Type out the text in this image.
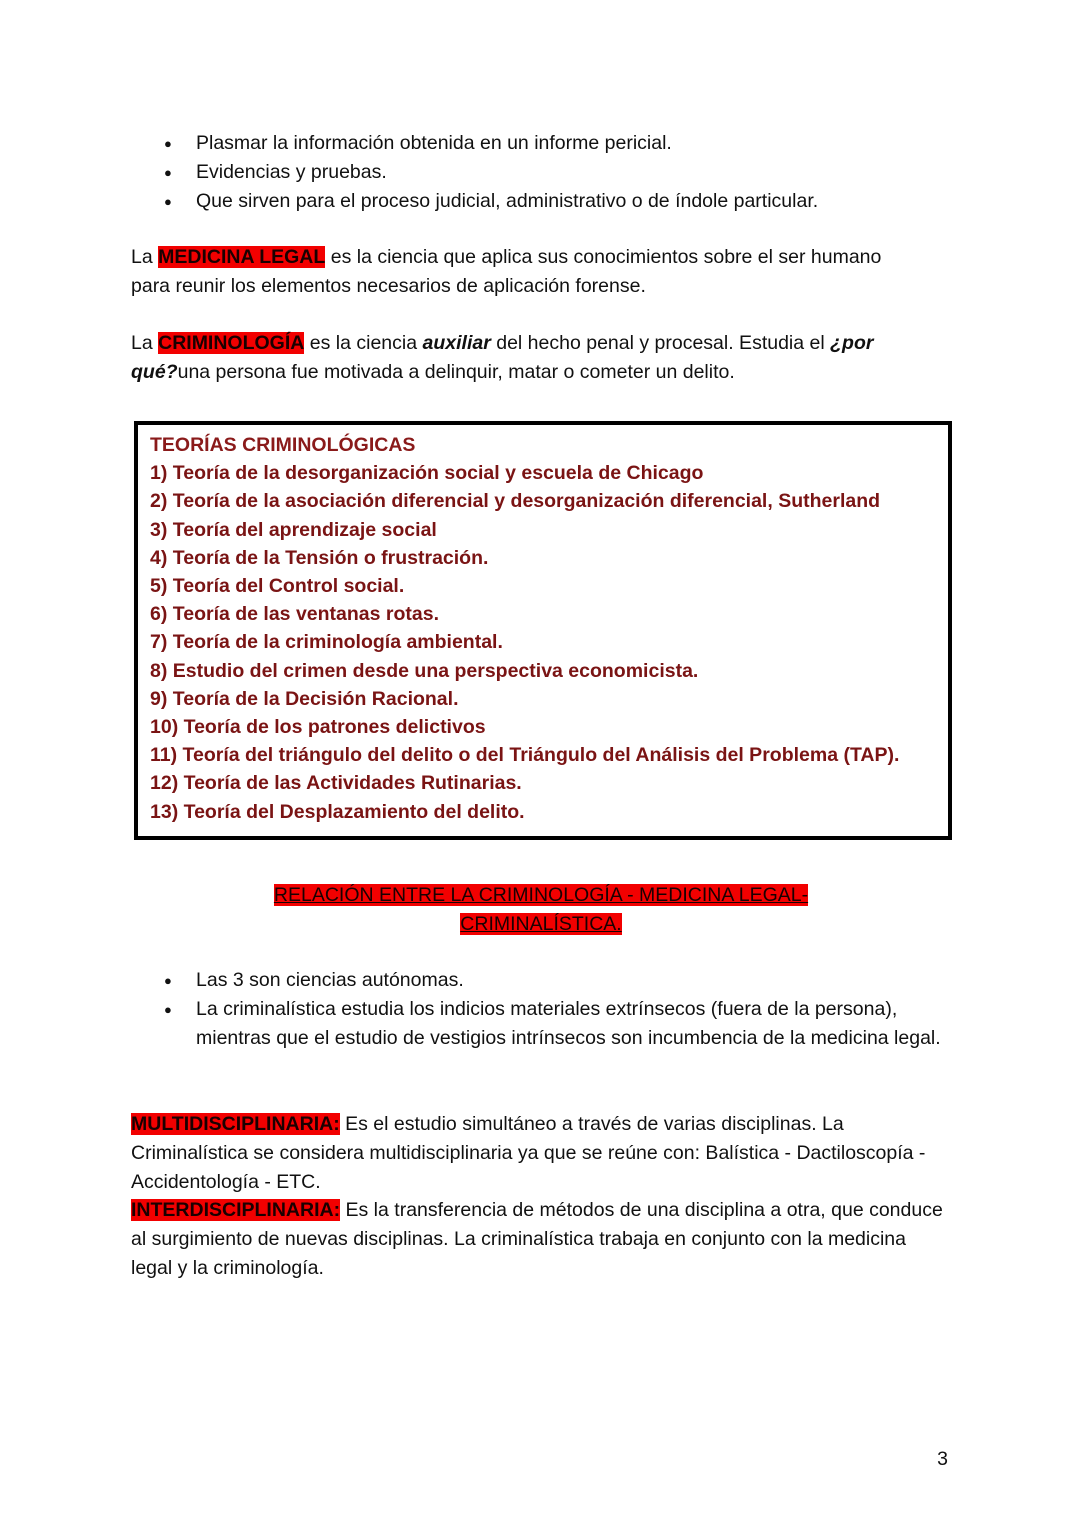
● Plasmar la información obtenida en un informe pericial.
● Evidencias y pruebas.
● Que sirven para el proceso judicial, administrativo o de índole particular.
La MEDICINA LEGAL es la ciencia que aplica sus conocimientos sobre el ser humano para reunir los elementos necesarios de aplicación forense.
La CRIMINOLOGÍA es la ciencia auxiliar del hecho penal y procesal. Estudia el ¿por qué?una persona fue motivada a delinquir, matar o cometer un delito.
TEORÍAS CRIMINOLÓGICAS
1) Teoría de la desorganización social y escuela de Chicago
2) Teoría de la asociación diferencial y desorganización diferencial, Sutherland
3) Teoría del aprendizaje social
4) Teoría de la Tensión o frustración.
5) Teoría del Control social.
6) Teoría de las ventanas rotas.
7) Teoría de la criminología ambiental.
8) Estudio del crimen desde una perspectiva economicista.
9) Teoría de la Decisión Racional.
10) Teoría de los patrones delictivos
11) Teoría del triángulo del delito o del Triángulo del Análisis del Problema (TAP).
12) Teoría de las Actividades Rutinarias.
13) Teoría del Desplazamiento del delito.
RELACIÓN ENTRE LA CRIMINOLOGÍA - MEDICINA LEGAL-
CRIMINALÍSTICA.
● Las 3 son ciencias autónomas.
● La criminalística estudia los indicios materiales extrínsecos (fuera de la persona), mientras que el estudio de vestigios intrínsecos son incumbencia de la medicina legal.
MULTIDISCIPLINARIA: Es el estudio simultáneo a través de varias disciplinas. La Criminalística se considera multidisciplinaria ya que se reúne con: Balística - Dactiloscopía - Accidentología - ETC.
INTERDISCIPLINARIA: Es la transferencia de métodos de una disciplina a otra, que conduce al surgimiento de nuevas disciplinas. La criminalística trabaja en conjunto con la medicina legal y la criminología.
3
